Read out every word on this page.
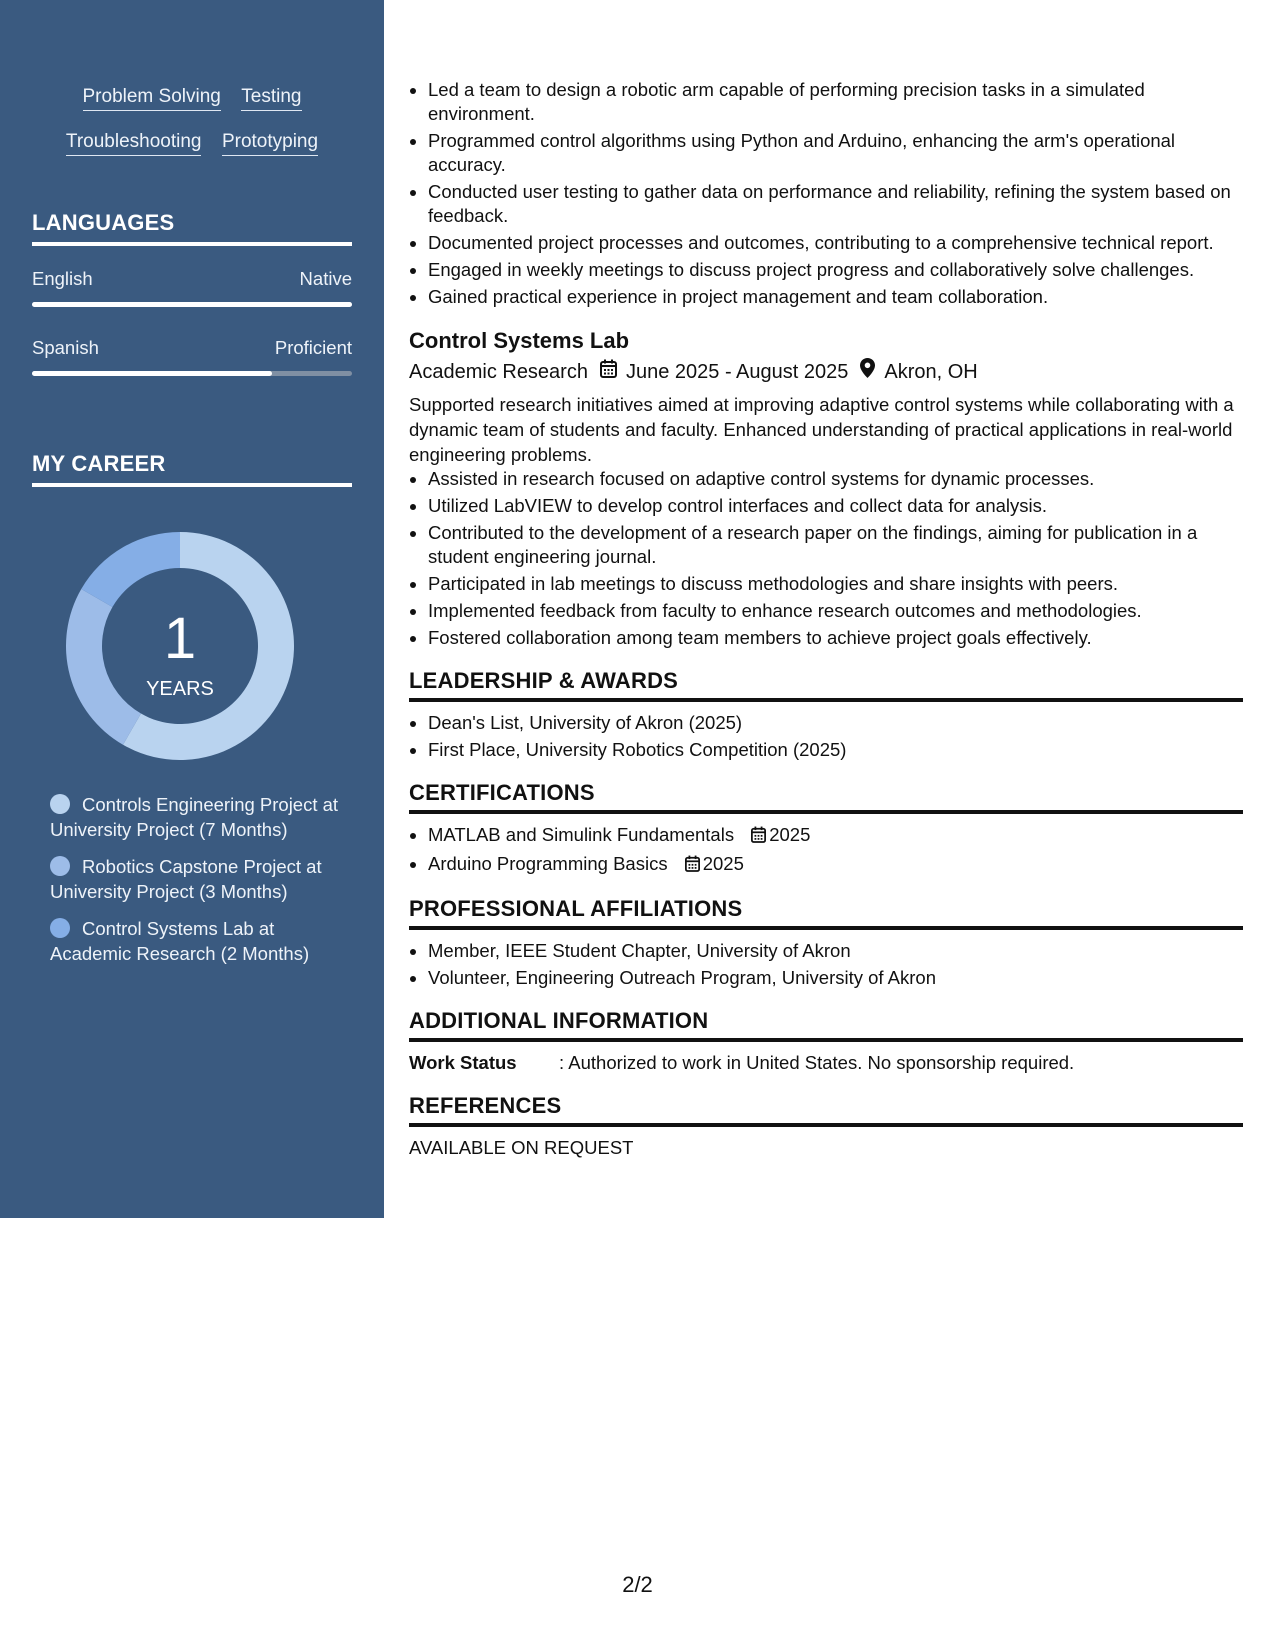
Problem Solving Testing
Troubleshooting Prototyping
LANGUAGES
English	Native
Spanish	Proficient
MY CAREER
1
YEARS
Controls Engineering Project at University Project (7 Months)
Robotics Capstone Project at University Project (3 Months)
Control Systems Lab at Academic Research (2 Months)
• Led a team to design a robotic arm capable of performing precision tasks in a simulated environment.
• Programmed control algorithms using Python and Arduino, enhancing the arm's operational accuracy.
• Conducted user testing to gather data on performance and reliability, refining the system based on feedback.
• Documented project processes and outcomes, contributing to a comprehensive technical report.
• Engaged in weekly meetings to discuss project progress and collaboratively solve challenges.
• Gained practical experience in project management and team collaboration.
Control Systems Lab
Academic Research June 2025 - August 2025 Akron, OH
Supported research initiatives aimed at improving adaptive control systems while collaborating with a dynamic team of students and faculty. Enhanced understanding of practical applications in real-world engineering problems.
• Assisted in research focused on adaptive control systems for dynamic processes.
• Utilized LabVIEW to develop control interfaces and collect data for analysis.
• Contributed to the development of a research paper on the findings, aiming for publication in a student engineering journal.
• Participated in lab meetings to discuss methodologies and share insights with peers.
• Implemented feedback from faculty to enhance research outcomes and methodologies.
• Fostered collaboration among team members to achieve project goals effectively.
LEADERSHIP & AWARDS
• Dean's List, University of Akron (2025)
• First Place, University Robotics Competition (2025)
CERTIFICATIONS
• MATLAB and Simulink Fundamentals 2025
• Arduino Programming Basics 2025
PROFESSIONAL AFFILIATIONS
• Member, IEEE Student Chapter, University of Akron
• Volunteer, Engineering Outreach Program, University of Akron
ADDITIONAL INFORMATION
Work Status	: Authorized to work in United States. No sponsorship required.
REFERENCES
AVAILABLE ON REQUEST
2/2
